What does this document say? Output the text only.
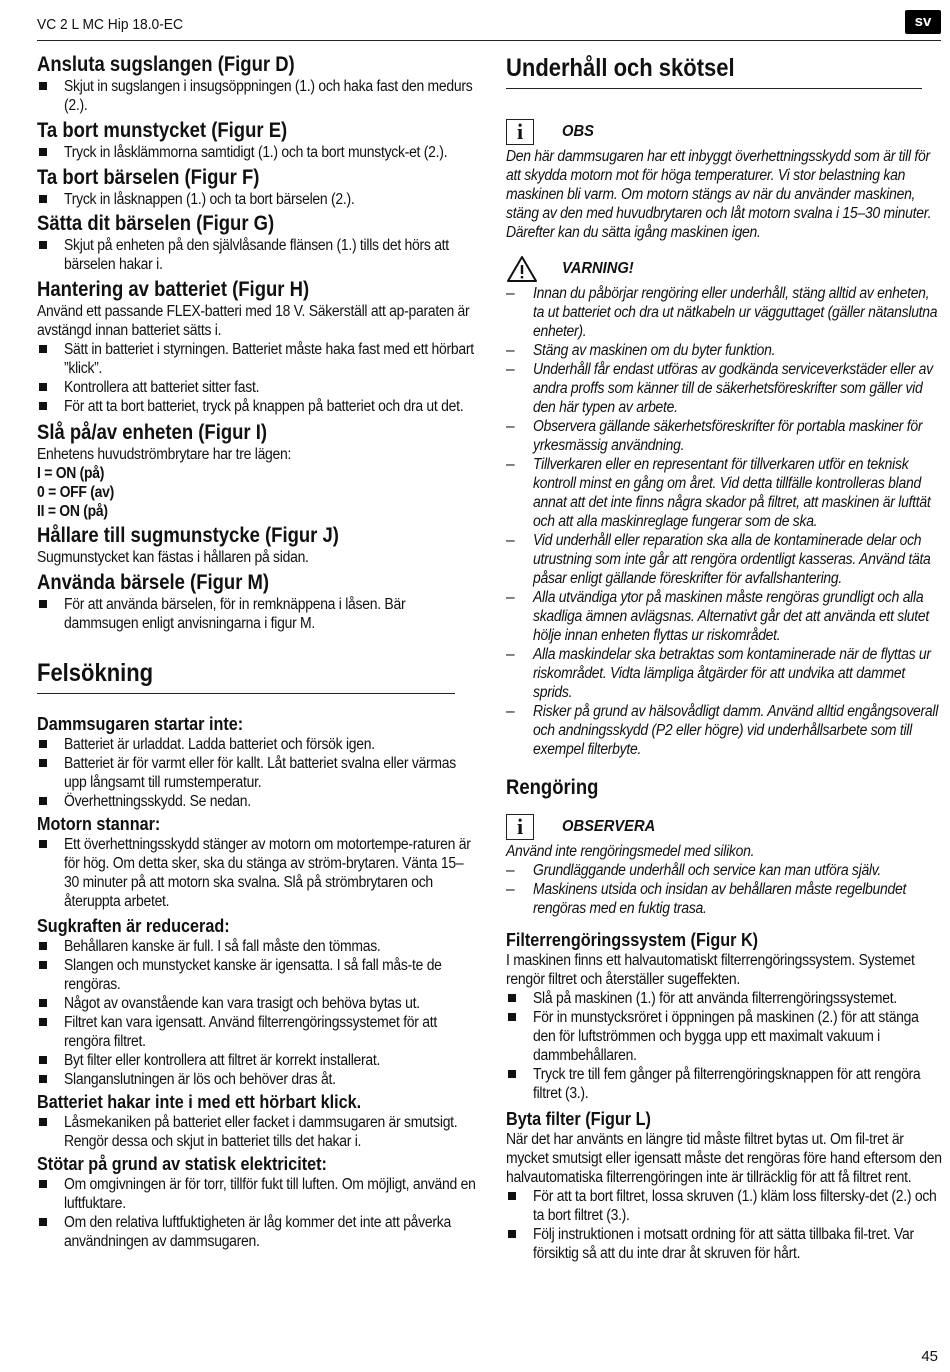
VC 2 L MC Hip 18.0-EC	sv
Ansluta sugslangen (Figur D)
Skjut in sugslangen i insugsöppningen (1.) och haka fast den medurs (2.).
Ta bort munstycket (Figur E)
Tryck in låsklämmorna samtidigt (1.) och ta bort munstyck-et (2.).
Ta bort bärselen (Figur F)
Tryck in låsknappen (1.) och ta bort bärselen (2.).
Sätta dit bärselen (Figur G)
Skjut på enheten på den självlåsande flänsen (1.) tills det hörs att bärselen hakar i.
Hantering av batteriet (Figur H)

Använd ett passande FLEX-batteri med 18 V. Säkerställ att ap-paraten är avstängd innan batteriet sätts i.

Sätt in batteriet i styrningen. Batteriet måste haka fast med ett hörbart ”klick”.
Kontrollera att batteriet sitter fast.
För att ta bort batteriet, tryck på knappen på batteriet och dra ut det.
Slå på/av enheten (Figur I)

Enhetens huvudströmbrytare har tre lägen:

I = ON (på)

0 = OFF (av)

II = ON (på)

Hållare till sugmunstycke (Figur J)

Sugmunstycket kan fästas i hållaren på sidan.

Använda bärsele (Figur M)
För att använda bärselen, för in remknäppena i låsen. Bär dammsugen enligt anvisningarna i figur M.
Felsökning
Dammsugaren startar inte:
Batteriet är urladdat. Ladda batteriet och försök igen.
Batteriet är för varmt eller för kallt. Låt batteriet svalna eller värmas upp långsamt till rumstemperatur.
Överhettningsskydd. Se nedan.
Motorn stannar:
Ett överhettningsskydd stänger av motorn om motortempe-raturen är för hög. Om detta sker, ska du stänga av ström-brytaren. Vänta 15–30 minuter på att motorn ska svalna. Slå på strömbrytaren och återuppta arbetet.
Sugkraften är reducerad:
Behållaren kanske är full. I så fall måste den tömmas.
Slangen och munstycket kanske är igensatta. I så fall mås-te de rengöras.
Något av ovanstående kan vara trasigt och behöva bytas ut.
Filtret kan vara igensatt. Använd filterrengöringssystemet för att rengöra filtret.
Byt filter eller kontrollera att filtret är korrekt installerat.
Slanganslutningen är lös och behöver dras åt.
Batteriet hakar inte i med ett hörbart klick.
Låsmekaniken på batteriet eller facket i dammsugaren är smutsigt. Rengör dessa och skjut in batteriet tills det hakar i.
Stötar på grund av statisk elektricitet:
Om omgivningen är för torr, tillför fukt till luften. Om möjligt, använd en luftfuktare.
Om den relativa luftfuktigheten är låg kommer det inte att påverka användningen av dammsugaren.
Underhåll och skötsel
i	OBS

Den här dammsugaren har ett inbyggt överhettningsskydd som är till för att skydda motorn mot för höga temperaturer. Vi stor belastning kan maskinen bli varm. Om motorn stängs av när du använder maskinen, stäng av den med huvudbrytaren och låt motorn svalna i 15–30 minuter. Därefter kan du sätta igång maskinen igen.

VARNING!
– Innan du påbörjar rengöring eller underhåll, stäng alltid av enheten, ta ut batteriet och dra ut nätkabeln ur vägguttaget (gäller nätanslutna enheter).
– Stäng av maskinen om du byter funktion.
– Underhåll får endast utföras av godkända serviceverkstäder eller av andra proffs som känner till de säkerhetsföreskrifter som gäller vid den här typen av arbete.
– Observera gällande säkerhetsföreskrifter för portabla maskiner för yrkesmässig användning.
– Tillverkaren eller en representant för tillverkaren utför en teknisk kontroll minst en gång om året. Vid detta tillfälle kontrolleras bland annat att det inte finns några skador på filtret, att maskinen är lufttät och att alla maskinreglage fungerar som de ska.
– Vid underhåll eller reparation ska alla de kontaminerade delar och utrustning som inte går att rengöra ordentligt kasseras. Använd täta påsar enligt gällande föreskrifter för avfallshantering.
– Alla utvändiga ytor på maskinen måste rengöras grundligt och alla skadliga ämnen avlägsnas. Alternativt går det att använda ett slutet hölje innan enheten flyttas ur riskområdet.
– Alla maskindelar ska betraktas som kontaminerade när de flyttas ur riskområdet. Vidta lämpliga åtgärder för att undvika att dammet sprids.
– Risker på grund av hälsovådligt damm. Använd alltid engångsoverall och andningsskydd (P2 eller högre) vid underhållsarbete som till exempel filterbyte.
Rengöring
i	OBSERVERA

Använd inte rengöringsmedel med silikon.

– Grundläggande underhåll och service kan man utföra själv.
– Maskinens utsida och insidan av behållaren måste regelbundet rengöras med en fuktig trasa.
Filterrengöringssystem (Figur K)

I maskinen finns ett halvautomatiskt filterrengöringssystem. Systemet rengör filtret och återställer sugeffekten.

Slå på maskinen (1.) för att använda filterrengöringssystemet.
För in munstycksröret i öppningen på maskinen (2.) för att stänga den för luftströmmen och bygga upp ett maximalt vakuum i dammbehållaren.
Tryck tre till fem gånger på filterrengöringsknappen för att rengöra filtret (3.).
Byta filter (Figur L)

När det har använts en längre tid måste filtret bytas ut. Om fil-tret är mycket smutsigt eller igensatt måste det rengöras före hand eftersom den halvautomatiska filterrengöringen inte är tillräcklig för att få filtret rent.

För att ta bort filtret, lossa skruven (1.) kläm loss filtersky-det (2.) och ta bort filtret (3.).
Följ instruktionen i motsatt ordning för att sätta tillbaka fil-tret. Var försiktig så att du inte drar åt skruven för hårt.
45
